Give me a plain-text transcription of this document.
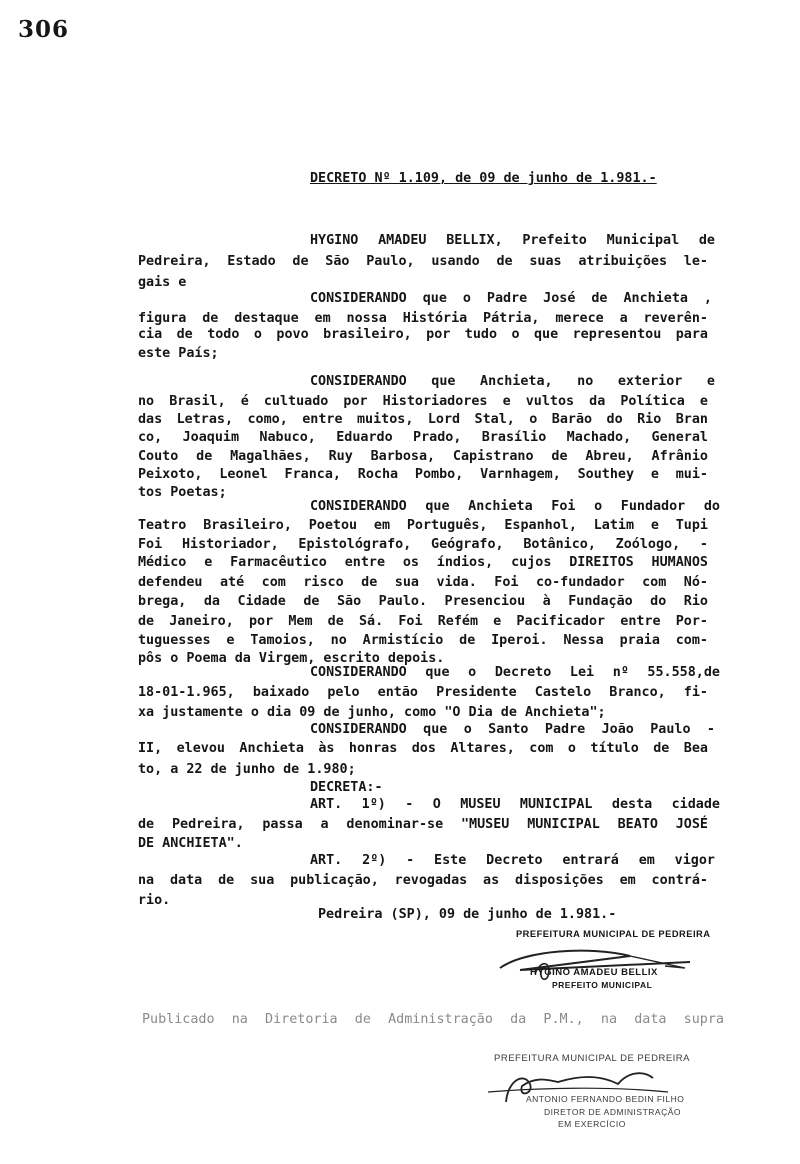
306
DECRETO Nº 1.109, de 09 de junho de 1.981.-
HYGINO AMADEU BELLIX, Prefeito Municipal de
Pedreira, Estado de São Paulo, usando de suas atribuições le-
gais e
CONSIDERANDO que o Padre José de Anchieta ,
figura de destaque em nossa História Pátria, merece a reverên-
cia de todo o povo brasileiro, por tudo o que representou para
este País;
CONSIDERANDO que Anchieta, no exterior e
no Brasil, é cultuado por Historiadores e vultos da Política e
das Letras, como, entre muitos, Lord Stal, o Barão do Rio Bran
co, Joaquim Nabuco, Eduardo Prado, Brasílio Machado, General
Couto de Magalhães, Ruy Barbosa, Capistrano de Abreu, Afrânio
Peixoto, Leonel Franca, Rocha Pombo, Varnhagem, Southey e mui-
tos Poetas;
CONSIDERANDO que Anchieta Foi o Fundador do
Teatro Brasileiro, Poetou em Português, Espanhol, Latim e Tupi
Foi Historiador, Epistológrafo, Geógrafo, Botânico, Zoólogo, -
Médico e Farmacêutico entre os índios, cujos DIREITOS HUMANOS
defendeu até com risco de sua vida. Foi co-fundador com Nó-
brega, da Cidade de São Paulo. Presenciou à Fundação do Rio
de Janeiro, por Mem de Sá. Foi Refém e Pacificador entre Por-
tuguesses e Tamoios, no Armistício de Iperoi. Nessa praia com-
pôs o Poema da Virgem, escrito depois.
CONSIDERANDO que o Decreto Lei nº 55.558,de
18-01-1.965, baixado pelo então Presidente Castelo Branco, fi-
xa justamente o dia 09 de junho, como "O Dia de Anchieta";
CONSIDERANDO que o Santo Padre João Paulo -
II, elevou Anchieta às honras dos Altares, com o título de Bea
to, a 22 de junho de 1.980;
DECRETA:-
ART. 1º) - O MUSEU MUNICIPAL desta cidade
de Pedreira, passa a denominar-se "MUSEU MUNICIPAL BEATO JOSÉ
DE ANCHIETA".
ART. 2º) - Este Decreto entrará em vigor
na data de sua publicação, revogadas as disposições em contrá-
rio.
Pedreira (SP), 09 de junho de 1.981.-
PREFEITURA MUNICIPAL DE PEDREIRA
HYGINO AMADEU BELLIX
PREFEITO MUNICIPAL
Publicado na Diretoria de Administração da P.M., na data supra
PREFEITURA MUNICIPAL DE PEDREIRA
ANTONIO FERNANDO BEDIN FILHO
DIRETOR DE ADMINISTRAÇÃO
EM EXERCÍCIO
